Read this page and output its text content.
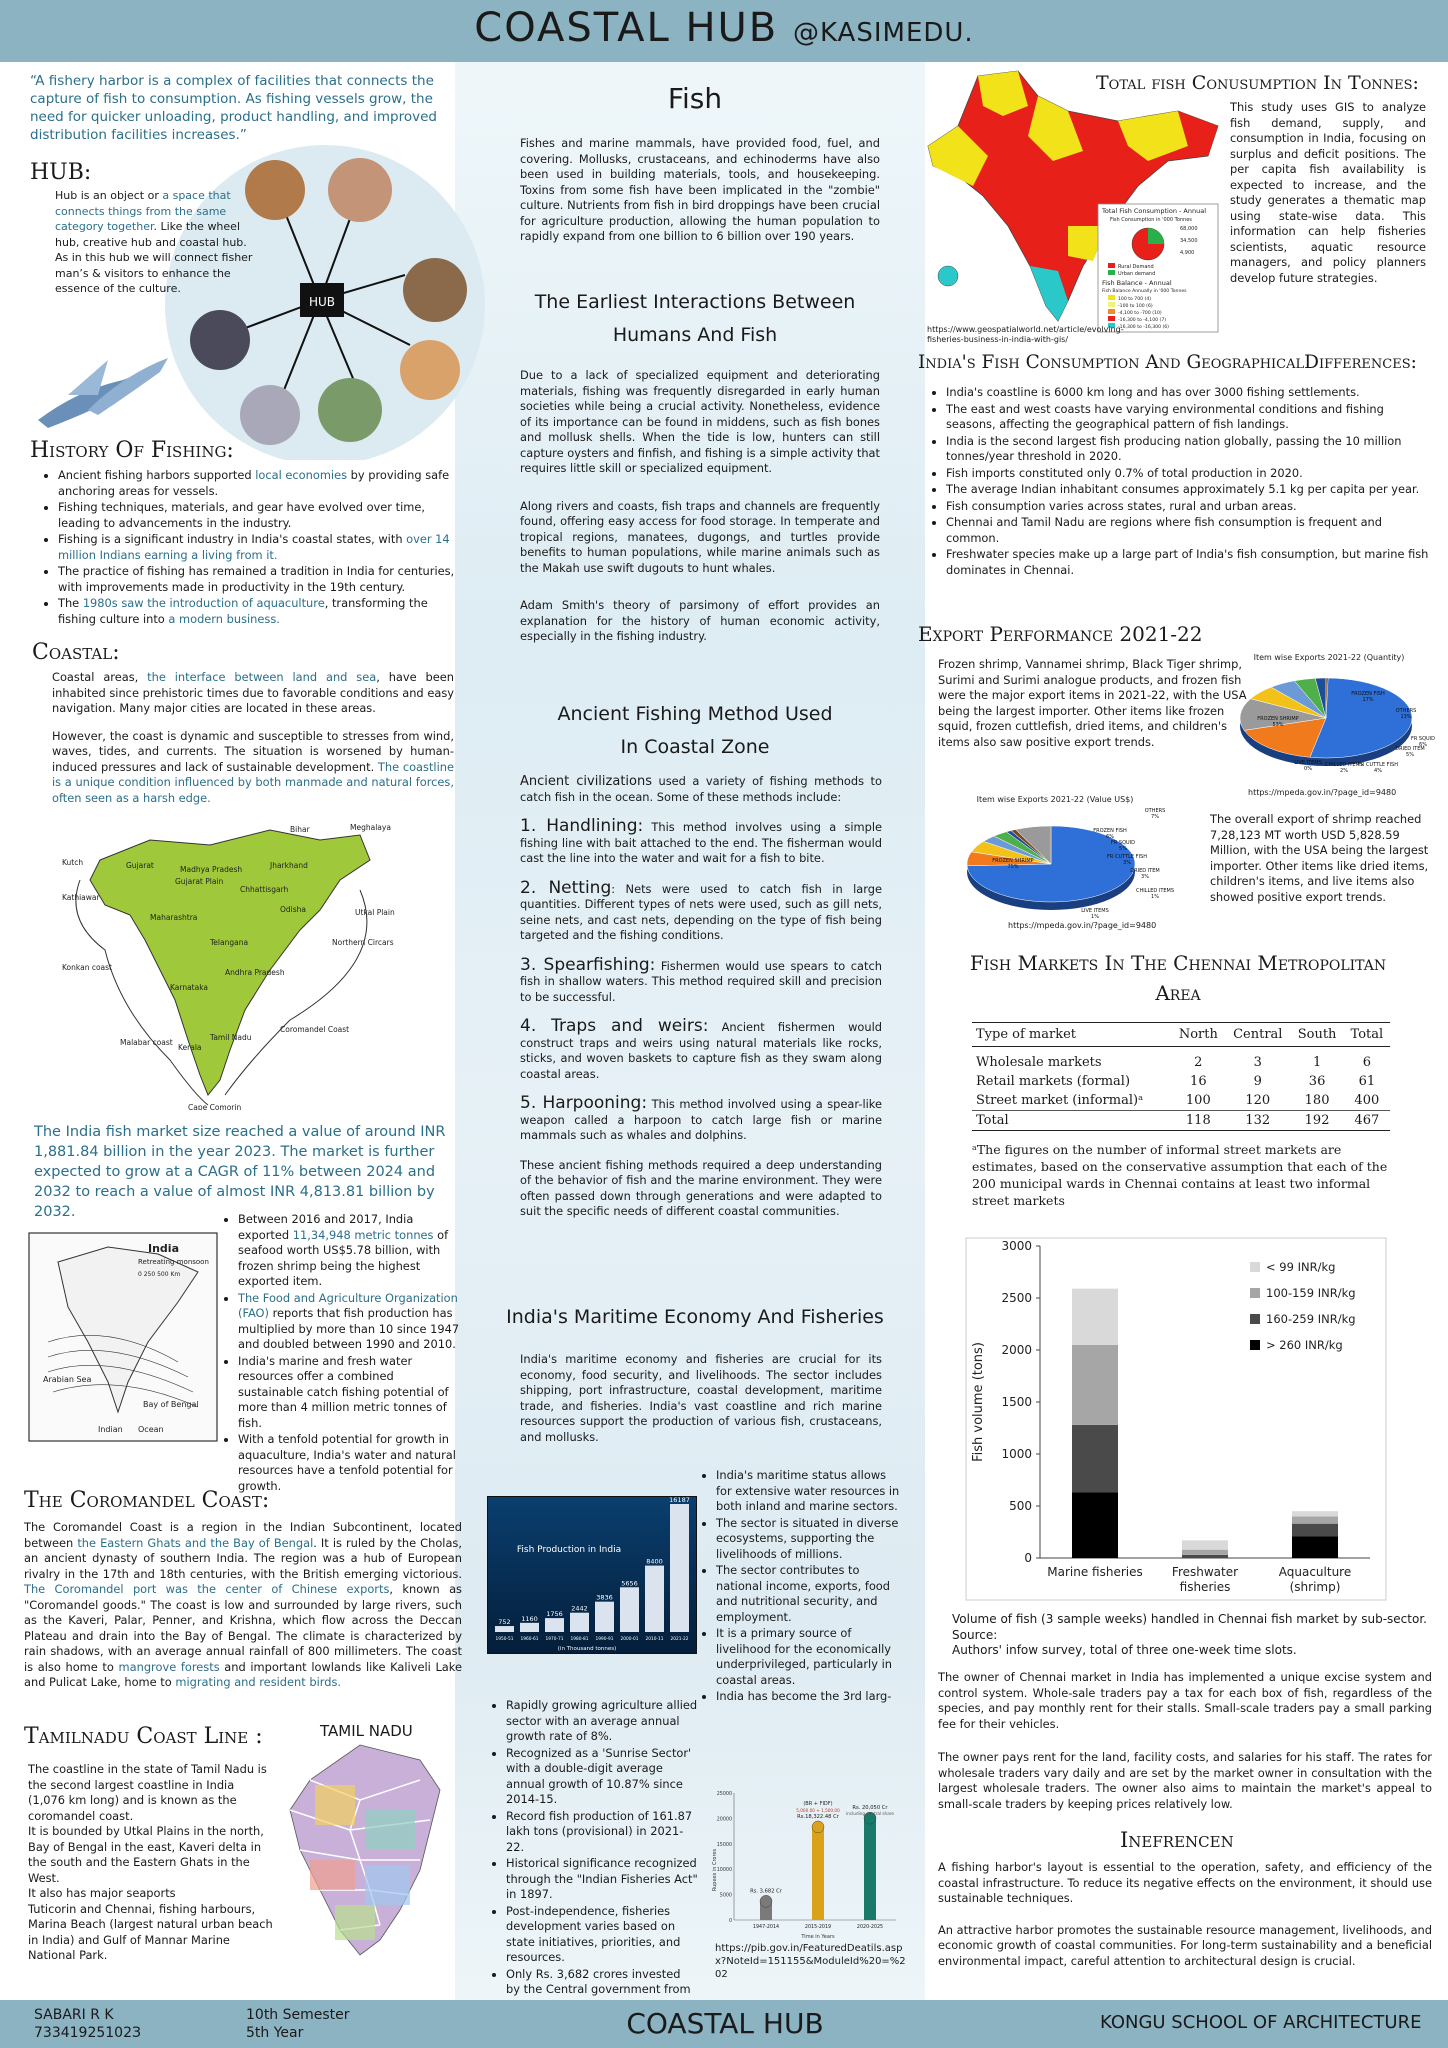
COASTAL HUB @KASIMEDU.
“A fishery harbor is a complex of facilities that connects the capture of fish to consumption. As fishing vessels grow, the need for quicker unloading, product handling, and improved distribution facilities increases.”
HUB:
HUB
Hub is an object or a space that connects things from the same category together. Like the wheel hub, creative hub and coastal hub. As in this hub we will connect fisher man’s & visitors to enhance the essence of the culture.
History Of Fishing:
• Ancient fishing harbors supported local economies by providing safe anchoring areas for vessels.
• Fishing techniques, materials, and gear have evolved over time, leading to advancements in the industry.
• Fishing is a significant industry in India's coastal states, with over 14 million Indians earning a living from it.
• The practice of fishing has remained a tradition in India for centuries, with improvements made in productivity in the 19th century.
• The 1980s saw the introduction of aquaculture, transforming the fishing culture into a modern business.
Coastal:

Coastal areas, the interface between land and sea, have been inhabited since prehistoric times due to favorable conditions and easy navigation. Many major cities are located in these areas.

However, the coast is dynamic and susceptible to stresses from wind, waves, tides, and currents. The situation is worsened by human-induced pressures and lack of sustainable development. The coastline is a unique condition influenced by both manmade and natural forces, often seen as a harsh edge.

Bihar	Meghalaya
Kutch	Gujarat	Madhya Pradesh
Gujarat Plain
Jharkhand
Kathiawar
Utkal Plain
Northern Circars
Konkan coast
Chhattisgarh
Maharashtra
Odisha
Telangana
Andhra Pradesh
Karnataka
Tamil Nadu
Kerala
Malabar coast
Coromandel Coast
Cape Comorin
The India fish market size reached a value of around INR 1,881.84 billion in the year 2023. The market is further expected to grow at a CAGR of 11% between 2024 and 2032 to reach a value of almost INR 4,813.81 billion by 2032.
India
Retreating monsoon
0 250 500 Km
Arabian Sea
Bay of Bengal
Indian Ocean
• Between 2016 and 2017, India exported 11,34,948 metric tonnes of seafood worth US$5.78 billion, with frozen shrimp being the highest exported item.
• The Food and Agriculture Organization (FAO) reports that fish production has multiplied by more than 10 since 1947 and doubled between 1990 and 2010.
• India's marine and fresh water resources offer a combined sustainable catch fishing potential of more than 4 million metric tonnes of fish.
• With a tenfold potential for growth in aquaculture, India's water and natural resources have a tenfold potential for growth.
The Coromandel Coast:

The Coromandel Coast is a region in the Indian Subcontinent, located between the Eastern Ghats and the Bay of Bengal. It is ruled by the Cholas, an ancient dynasty of southern India. The region was a hub of European rivalry in the 17th and 18th centuries, with the British emerging victorious. The Coromandel port was the center of Chinese exports, known as "Coromandel goods." The coast is low and surrounded by large rivers, such as the Kaveri, Palar, Penner, and Krishna, which flow across the Deccan Plateau and drain into the Bay of Bengal. The climate is characterized by rain shadows, with an average annual rainfall of 800 millimeters. The coast is also home to mangrove forests and important lowlands like Kaliveli Lake and Pulicat Lake, home to migrating and resident birds.

Tamilnadu Coast Line :	TAMIL NADU
The coastline in the state of Tamil Nadu is the second largest coastline in India (1,076 km long) and is known as the coromandel coast.
It is bounded by Utkal Plains in the north, Bay of Bengal in the east, Kaveri delta in the south and the Eastern Ghats in the West.
It also has major seaports
Tuticorin and Chennai, fishing harbours, Marina Beach (largest natural urban beach in India) and Gulf of Mannar Marine National Park.
Fish

Fishes and marine mammals, have provided food, fuel, and covering. Mollusks, crustaceans, and echinoderms have also been used in building materials, tools, and housekeeping. Toxins from some fish have been implicated in the "zombie" culture. Nutrients from fish in bird droppings have been crucial for agriculture production, allowing the human population to rapidly expand from one billion to 6 billion over 190 years.

The Earliest Interactions Between
Humans And Fish

Due to a lack of specialized equipment and deteriorating materials, fishing was frequently disregarded in early human societies while being a crucial activity. Nonetheless, evidence of its importance can be found in middens, such as fish bones and mollusk shells. When the tide is low, hunters can still capture oysters and finfish, and fishing is a simple activity that requires little skill or specialized equipment.

Along rivers and coasts, fish traps and channels are frequently found, offering easy access for food storage. In temperate and tropical regions, manatees, dugongs, and turtles provide benefits to human populations, while marine animals such as the Makah use swift dugouts to hunt whales.

Adam Smith's theory of parsimony of effort provides an explanation for the history of human economic activity, especially in the fishing industry.

Ancient Fishing Method Used
In Coastal Zone

Ancient civilizations used a variety of fishing methods to catch fish in the ocean. Some of these methods include:

1. Handlining: This method involves using a simple fishing line with bait attached to the end. The fisherman would cast the line into the water and wait for a fish to bite.

2. Netting: Nets were used to catch fish in large quantities. Different types of nets were used, such as gill nets, seine nets, and cast nets, depending on the type of fish being targeted and the fishing conditions.

3. Spearfishing: Fishermen would use spears to catch fish in shallow waters. This method required skill and precision to be successful.

4. Traps and weirs: Ancient fishermen would construct traps and weirs using natural materials like rocks, sticks, and woven baskets to capture fish as they swam along coastal areas.

5. Harpooning: This method involved using a spear-like weapon called a harpoon to catch large fish or marine mammals such as whales and dolphins.

These ancient fishing methods required a deep understanding of the behavior of fish and the marine environment. They were often passed down through generations and were adapted to suit the specific needs of different coastal communities.

India's Maritime Economy And Fisheries

India's maritime economy and fisheries are crucial for its economy, food security, and livelihoods. The sector includes shipping, port infrastructure, coastal development, maritime trade, and fisheries. India's vast coastline and rich marine resources support the production of various fish, crustaceans, and mollusks.

Fish Production in India
(in Thousand tonnes)
752
1950-51
1160
1960-61
1756
1970-71
2442
1980-81
3836
1990-91
5656
2000-01
8400
2010-11
16187
2021-22
• India's maritime status allows for extensive water resources in both inland and marine sectors.
• The sector is situated in diverse ecosystems, supporting the livelihoods of millions.
• The sector contributes to national income, exports, food and nutritional security, and employment.
• It is a primary source of livelihood for the economically underprivileged, particularly in coastal areas.
• India has become the 3rd larg-
• Rapidly growing agriculture allied sector with an average annual growth rate of 8%.
• Recognized as a 'Sunrise Sector' with a double-digit average annual growth of 10.87% since 2014-15.
• Record fish production of 161.87 lakh tons (provisional) in 2021-22.
• Historical significance recognized through the "Indian Fisheries Act" in 1897.
• Post-independence, fisheries development varies based on state initiatives, priorities, and resources.
• Only Rs. 3,682 crores invested by the Central government from
Rupees in Crores
Time in Years
25000
20000
15000
10000
5000
0
Rs. 3,682 Cr
1947-2014
Rs.18,322.48 Cr
2015-2019
Rs. 20,050 Cr
2020-2025
including central share
(BR + FIDF)
5,000.00 + 1,500.00
https://pib.gov.in/FeaturedDeatils.aspx?NoteId=151155&ModuleId%20=%202
Total Fish Consumption - Annual
Fish Consumption in '000 Tonnes
68,000
34,500
4,900
Rural Demand
Urban demand
Fish Balance - Annual
Fish Balance Annually in '000 Tonnes
100 to 700 (4)
-100 to 100 (6)
-4,100 to -700 (10)
-16,300 to -4,100 (7)
-16,300 to -16,300 (6)
https://www.geospatialworld.net/article/evolving-fisheries-business-in-india-with-gis/
Total fish Conusumption In Tonnes:
This study uses GIS to analyze fish demand, supply, and consumption in India, focusing on surplus and deficit positions. The per capita fish availability is expected to increase, and the study generates a thematic map using state-wise data. This information can help fisheries scientists, aquatic resource managers, and policy planners develop future strategies.
India's Fish Consumption And GeographicalDifferences:
• India's coastline is 6000 km long and has over 3000 fishing settlements.
• The east and west coasts have varying environmental conditions and fishing seasons, affecting the geographical pattern of fish landings.
• India is the second largest fish producing nation globally, passing the 10 million tonnes/year threshold in 2020.
• Fish imports constituted only 0.7% of total production in 2020.
• The average Indian inhabitant consumes approximately 5.1 kg per capita per year.
• Fish consumption varies across states, rural and urban areas.
• Chennai and Tamil Nadu are regions where fish consumption is frequent and common.
• Freshwater species make up a large part of India's fish consumption, but marine fish dominates in Chennai.
Export Performance 2021-22
Frozen shrimp, Vannamei shrimp, Black Tiger shrimp, Surimi and Surimi analogue products, and frozen fish were the major export items in 2021-22, with the USA being the largest importer. Other items like frozen squid, frozen cuttlefish, dried items, and children's items also saw positive export trends.
Item wise Exports 2021-22 (Quantity)
FROZEN SHRIMP 53%
FROZEN FISH 17%
OTHERS 13%
FR SQUID 6%
DRIED ITEM 5%
FR CUTTLE FISH 4%
CHILLED ITEMS 2%
LIVE ITEMS 0%
https://mpeda.gov.in/?page_id=9480
Item wise Exports 2021-22 (Value US$)
FROZEN SHRIMP 75%
FROZEN FISH 6%
FR SQUID 5%
FR CUTTLE FISH 3%
DRIED ITEM 3%
CHILLED ITEMS 1%
LIVE ITEMS 1%
OTHERS 7%
https://mpeda.gov.in/?page_id=9480
The overall export of shrimp reached 7,28,123 MT worth USD 5,828.59 Million, with the USA being the largest importer. Other items like dried items, children's items, and live items also showed positive export trends.
Fish Markets In The Chennai Metropolitan
Area
Type of market	North	Central	South	Total
Wholesale markets	2	3	1	6
Retail markets (formal)	16	9	36	61
Street market (informal)ᵃ	100	120	180	400
Total	118	132	192	467
ᵃThe figures on the number of informal street markets are estimates, based on the conservative assumption that each of the 200 municipal wards in Chennai contains at least two informal street markets
Fish volume (tons)
0
500
1000
1500
2000
2500
3000
Marine fisheries Freshwater
fisheries
Aquaculture
(shrimp)
< 99 INR/kg
100-159 INR/kg
160-259 INR/kg
> 260 INR/kg
Volume of fish (3 sample weeks) handled in Chennai fish market by sub-sector.
Source:
Authors' infow survey, total of three one-week time slots.

The owner of Chennai market in India has implemented a unique excise system and control system. Whole-sale traders pay a tax for each box of fish, regardless of the species, and pay monthly rent for their stalls. Small-scale traders pay a small parking fee for their vehicles.

The owner pays rent for the land, facility costs, and salaries for his staff. The rates for wholesale traders vary daily and are set by the market owner in consultation with the largest wholesale traders. The owner also aims to maintain the market's appeal to small-scale traders by keeping prices relatively low.

Inefrencen

A fishing harbor's layout is essential to the operation, safety, and efficiency of the coastal infrastructure. To reduce its negative effects on the environment, it should use sustainable techniques.

An attractive harbor promotes the sustainable resource management, livelihoods, and economic growth of coastal communities. For long-term sustainability and a beneficial environmental impact, careful attention to architectural design is crucial.

SABARI R K
73341925102З
10th Semester
5th Year	COASTAL HUB	KONGU SCHOOL OF ARCHITECTURE
